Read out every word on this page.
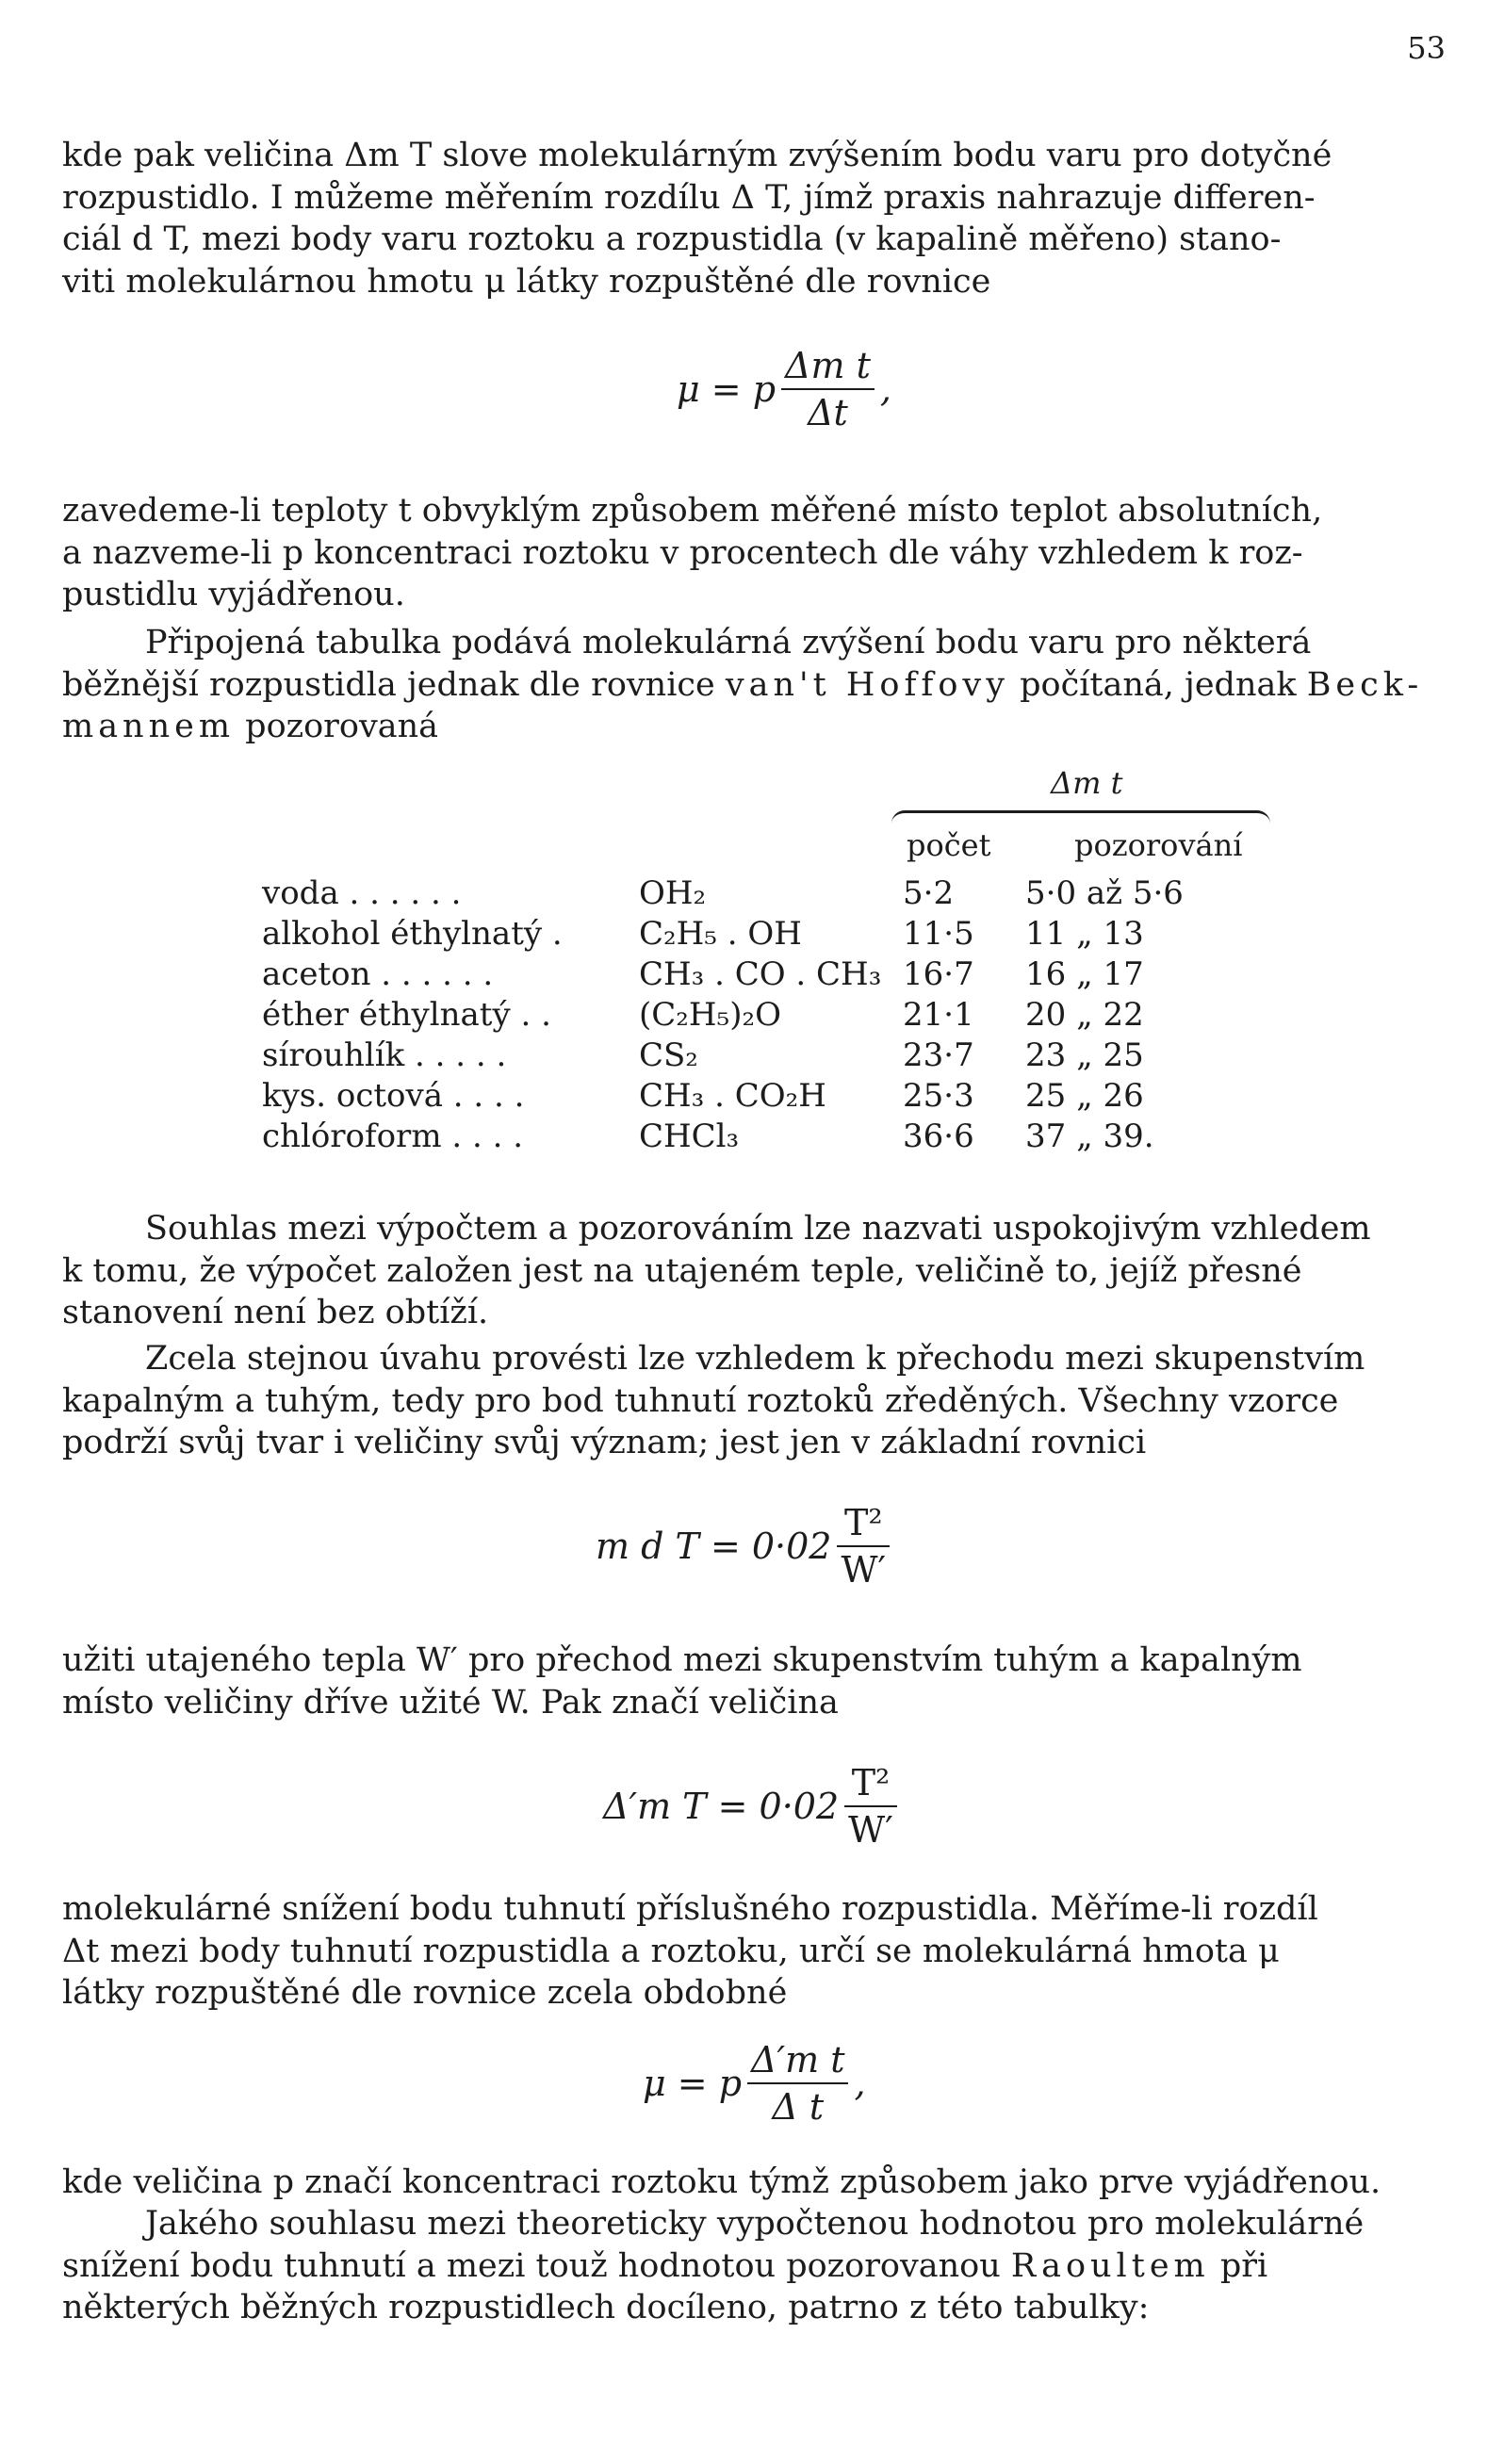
53
kde pak veličina Δm T slove molekulárným zvýšením bodu varu pro dotyčné
rozpustidlo. I můžeme měřením rozdílu Δ T, jímž praxis nahrazuje differen-
ciál d T, mezi body varu roztoku a rozpustidla (v kapalině měřeno) stano-
viti molekulárnou hmotu μ látky rozpuštěné dle rovnice
μ = p $\frac{\text{Δm t}}{\Delta t}$ ,
zavedeme-li teploty t obvyklým způsobem měřené místo teplot absolutních,
a nazveme-li p koncentraci roztoku v procentech dle váhy vzhledem k roz-
pustidlu vyjádřenou.
Připojená tabulka podává molekulárná zvýšení bodu varu pro některá
běžnější rozpustidla jednak dle rovnice van't Hoffovy počítaná, jednak Beck-
mannem pozorovaná
Δm t
počet	pozorování
voda . . . . . .	OH₂	5·2	5·0 až 5·6
alkohol éthylnatý .	C₂H₅ . OH	11·5	11 „ 13
aceton . . . . . .	CH₃ . CO . CH₃	16·7	16 „ 17
éther éthylnatý . .	(C₂H₅)₂O	21·1	20 „ 22
sírouhlík . . . . .	CS₂	23·7	23 „ 25
kys. octová . . . .	CH₃ . CO₂H	25·3	25 „ 26
chlóroform . . . .	CHCl₃	36·6	37 „ 39.
Souhlas mezi výpočtem a pozorováním lze nazvati uspokojivým vzhledem
k tomu, že výpočet založen jest na utajeném teple, veličině to, jejíž přesné
stanovení není bez obtíží.
Zcela stejnou úvahu provésti lze vzhledem k přechodu mezi skupenstvím
kapalným a tuhým, tedy pro bod tuhnutí roztoků zředěných. Všechny vzorce
podrží svůj tvar i veličiny svůj význam; jest jen v základní rovnici
m d $T = 0\cdot 02 \frac{\text{T²}}{W'}$
užiti utajeného tepla W′ pro přechod mezi skupenstvím tuhým a kapalným
místo veličiny dříve užité W. Pak značí veličina
Δ′m $T = 0\cdot 02 \frac{\text{T²}}{W'}$
molekulárné snížení bodu tuhnutí příslušného rozpustidla. Měříme-li rozdíl
Δt mezi body tuhnutí rozpustidla a roztoku, určí se molekulárná hmota μ
látky rozpuštěné dle rovnice zcela obdobné
μ = p $\frac{\text{Δ′m t}}{\text{Δ t}}$ ,
kde veličina p značí koncentraci roztoku týmž způsobem jako prve vyjádřenou.
Jakého souhlasu mezi theoreticky vypočtenou hodnotou pro molekulárné
snížení bodu tuhnutí a mezi touž hodnotou pozorovanou Raoultem při
některých běžných rozpustidlech docíleno, patrno z této tabulky:
